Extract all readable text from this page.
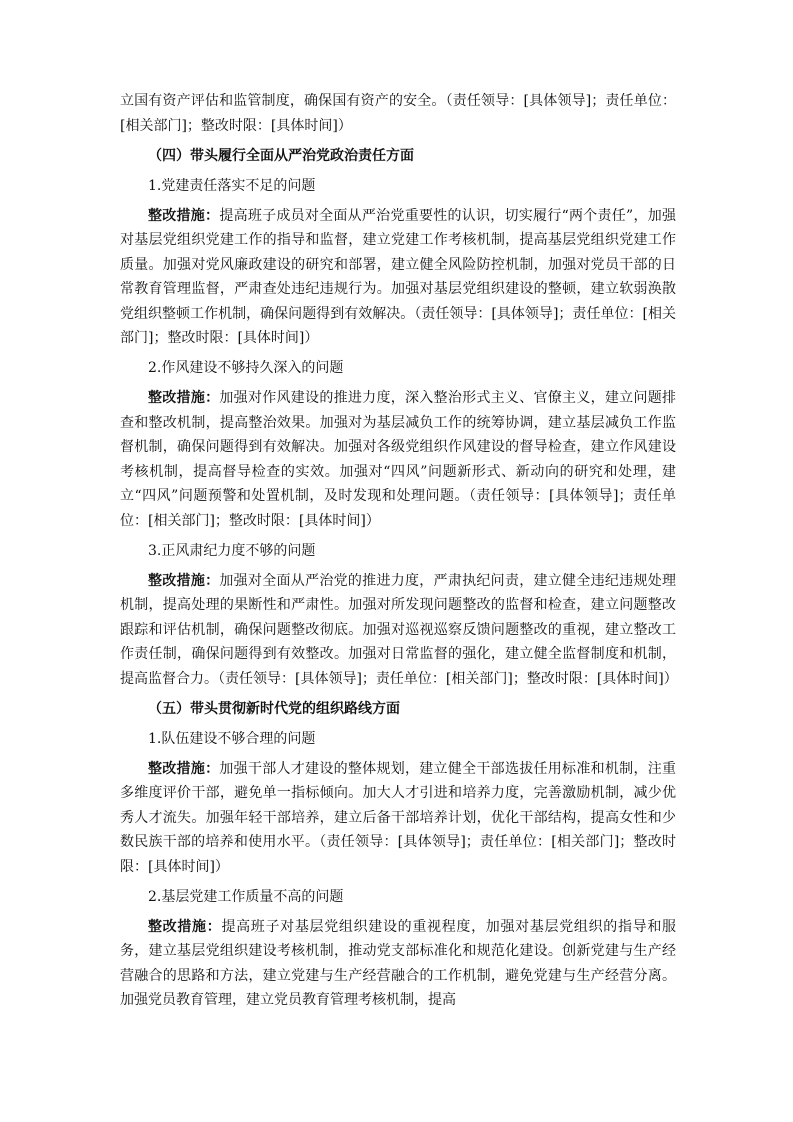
立国有资产评估和监管制度，确保国有资产的安全。（责任领导：[具体领导]；责任单位：[相关部门]；整改时限：[具体时间]）

（四）带头履行全面从严治党政治责任方面

1.党建责任落实不足的问题

整改措施：提高班子成员对全面从严治党重要性的认识，切实履行“两个责任”，加强对基层党组织党建工作的指导和监督，建立党建工作考核机制，提高基层党组织党建工作质量。加强对党风廉政建设的研究和部署，建立健全风险防控机制，加强对党员干部的日常教育管理监督，严肃查处违纪违规行为。加强对基层党组织建设的整顿，建立软弱涣散党组织整顿工作机制，确保问题得到有效解决。（责任领导：[具体领导]；责任单位：[相关部门]；整改时限：[具体时间]）

2.作风建设不够持久深入的问题

整改措施：加强对作风建设的推进力度，深入整治形式主义、官僚主义，建立问题排查和整改机制，提高整治效果。加强对为基层减负工作的统筹协调，建立基层减负工作监督机制，确保问题得到有效解决。加强对各级党组织作风建设的督导检查，建立作风建设考核机制，提高督导检查的实效。加强对“四风”问题新形式、新动向的研究和处理，建立“四风”问题预警和处置机制，及时发现和处理问题。（责任领导：[具体领导]；责任单位：[相关部门]；整改时限：[具体时间]）

3.正风肃纪力度不够的问题

整改措施：加强对全面从严治党的推进力度，严肃执纪问责，建立健全违纪违规处理机制，提高处理的果断性和严肃性。加强对所发现问题整改的监督和检查，建立问题整改跟踪和评估机制，确保问题整改彻底。加强对巡视巡察反馈问题整改的重视，建立整改工作责任制，确保问题得到有效整改。加强对日常监督的强化，建立健全监督制度和机制，提高监督合力。（责任领导：[具体领导]；责任单位：[相关部门]；整改时限：[具体时间]）

（五）带头贯彻新时代党的组织路线方面

1.队伍建设不够合理的问题

整改措施：加强干部人才建设的整体规划，建立健全干部选拔任用标准和机制，注重多维度评价干部，避免单一指标倾向。加大人才引进和培养力度，完善激励机制，减少优秀人才流失。加强年轻干部培养，建立后备干部培养计划，优化干部结构，提高女性和少数民族干部的培养和使用水平。（责任领导：[具体领导]；责任单位：[相关部门]；整改时限：[具体时间]）

2.基层党建工作质量不高的问题

整改措施：提高班子对基层党组织建设的重视程度，加强对基层党组织的指导和服务，建立基层党组织建设考核机制，推动党支部标准化和规范化建设。创新党建与生产经营融合的思路和方法，建立党建与生产经营融合的工作机制，避免党建与生产经营分离。加强党员教育管理，建立党员教育管理考核机制，提高
